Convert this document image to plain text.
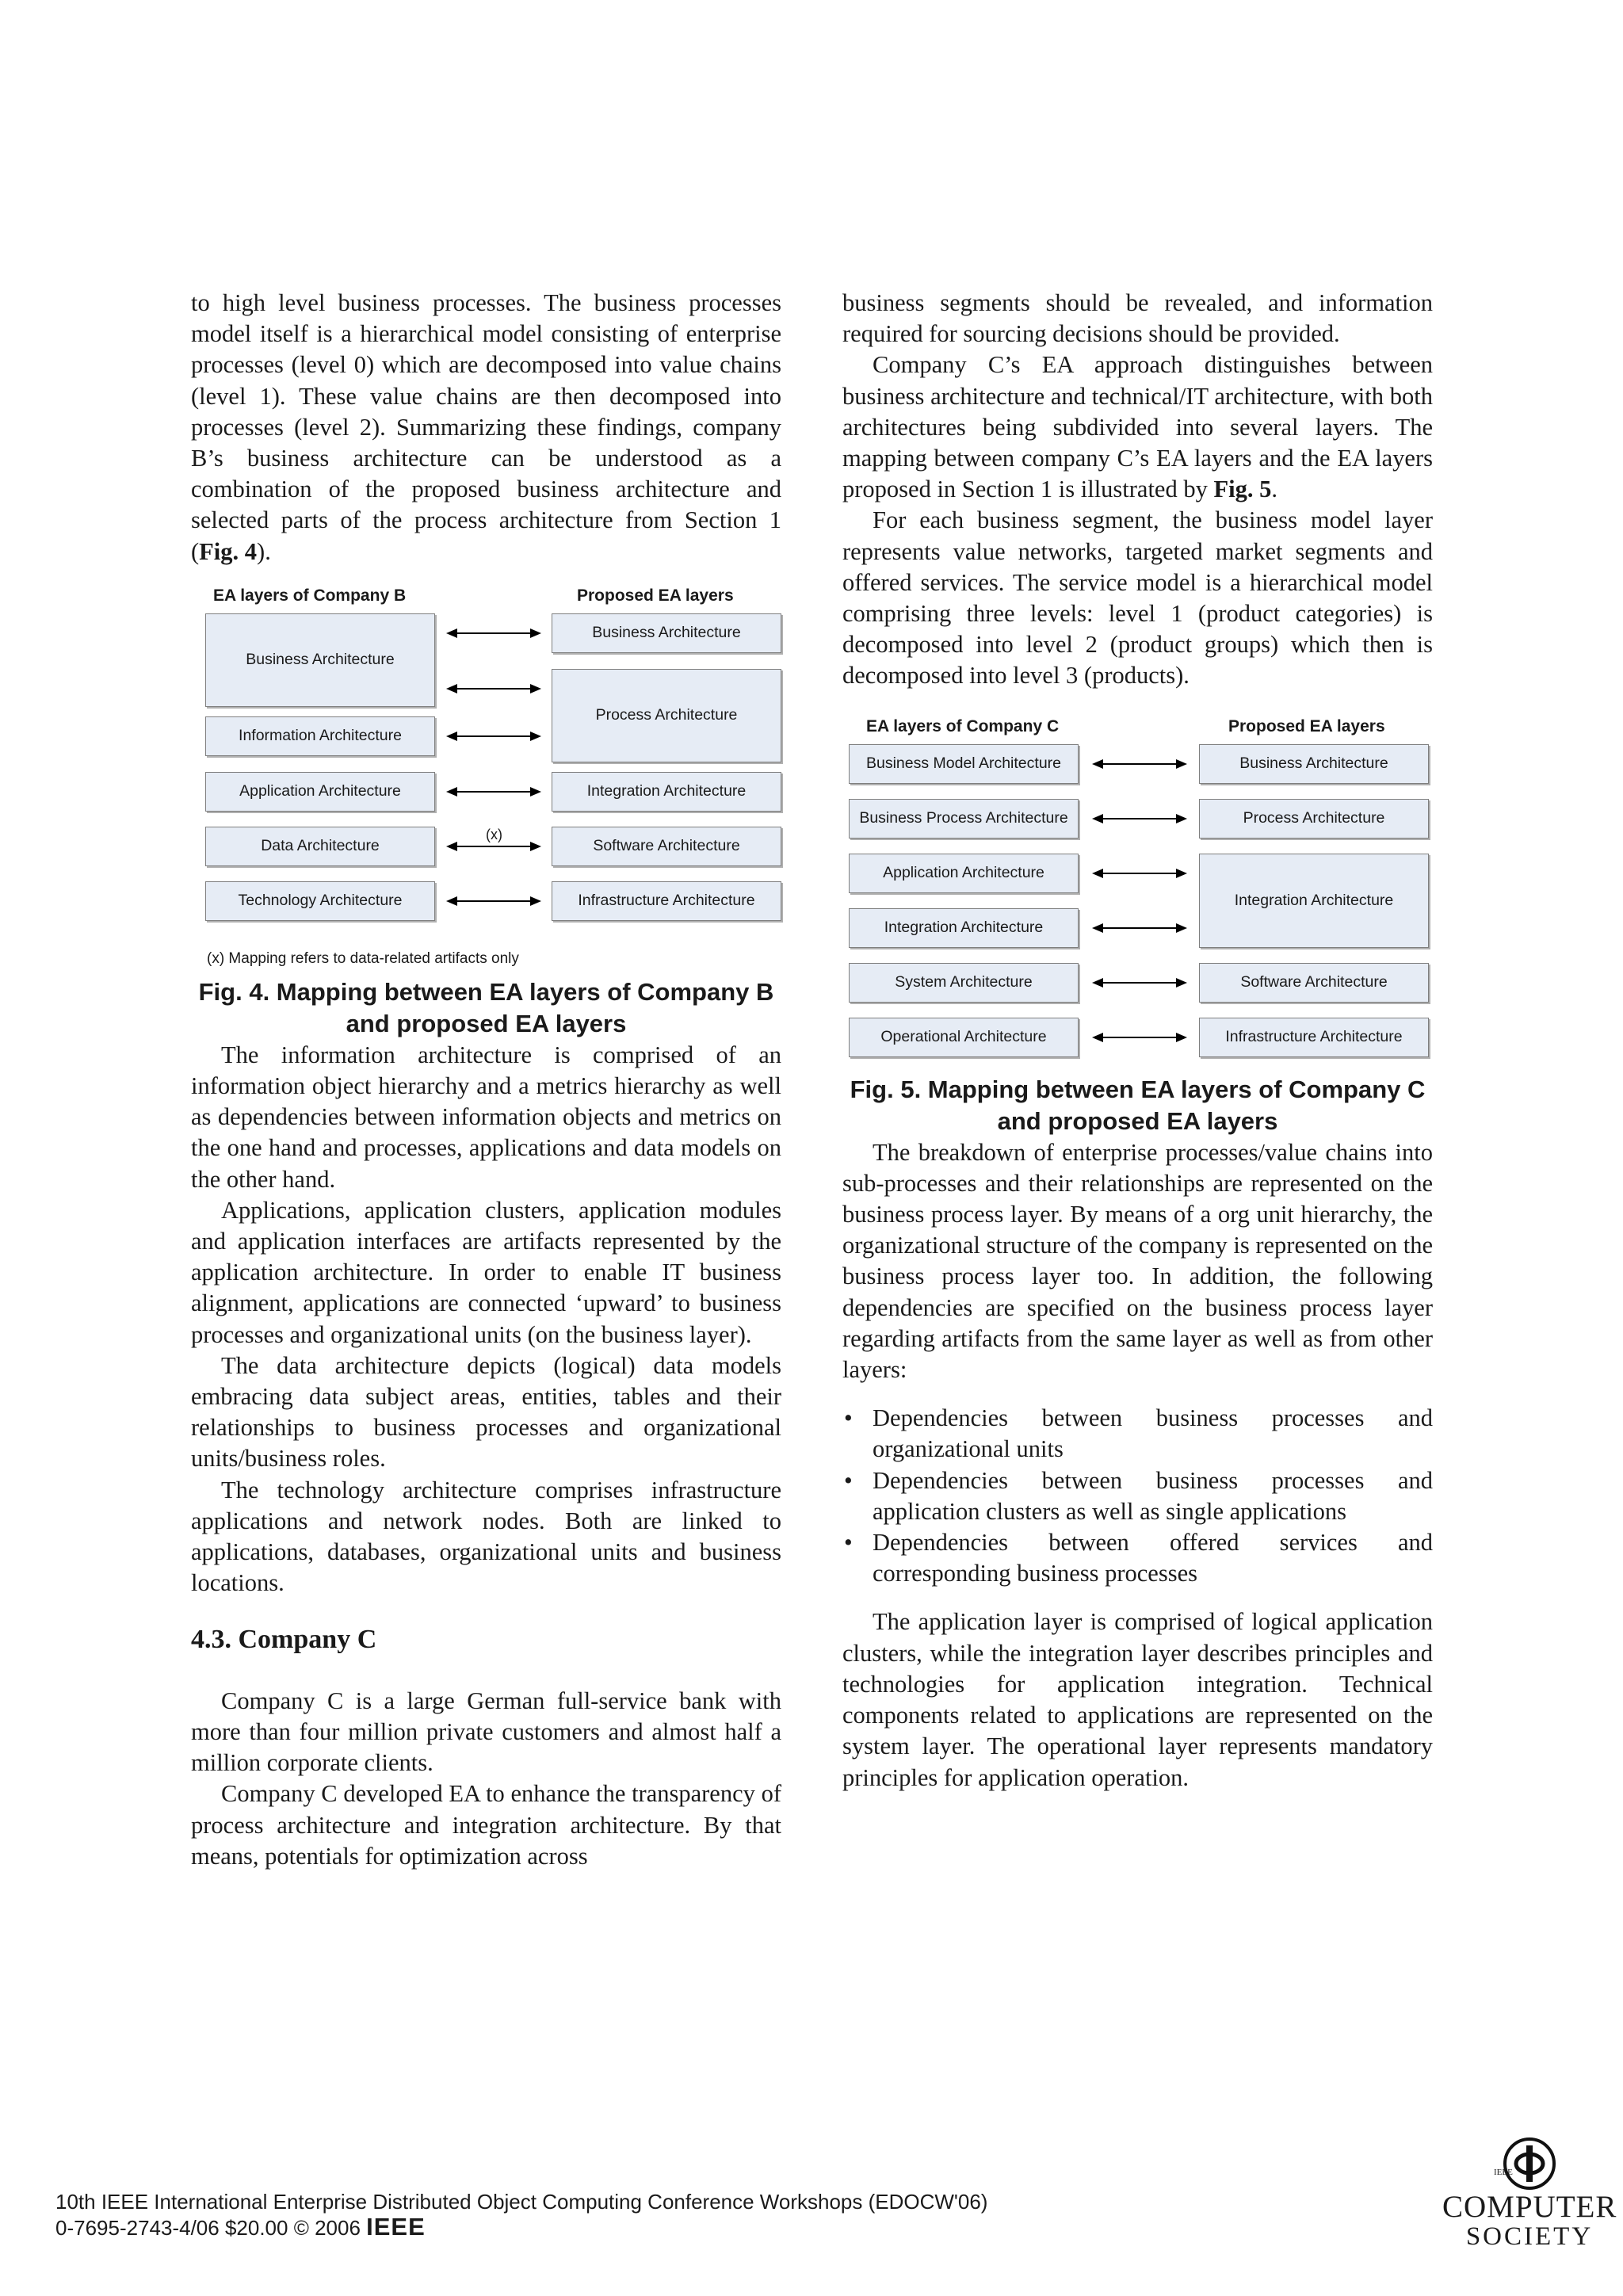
to high level business processes. The business processes model itself is a hierarchical model consisting of enterprise processes (level 0) which are decomposed into value chains (level 1). These value chains are then decomposed into processes (level 2). Summarizing these findings, company B’s business architecture can be understood as a combination of the proposed business architecture and selected parts of the process architecture from Section 1 (Fig. 4).

EA layers of Company B	Proposed EA layers
Business Architecture
Information Architecture
Application Architecture
Data Architecture
Technology Architecture
Business Architecture
Process Architecture
Integration Architecture
Software Architecture
Infrastructure Architecture
(x)
(x) Mapping refers to data-related artifacts only

Fig. 4. Mapping between EA layers of Company B and proposed EA layers

The information architecture is comprised of an information object hierarchy and a metrics hierarchy as well as dependencies between information objects and metrics on the one hand and processes, applications and data models on the other hand.

Applications, application clusters, application modules and application interfaces are artifacts represented by the application architecture. In order to enable IT business alignment, applications are connected ‘upward’ to business processes and organizational units (on the business layer).

The data architecture depicts (logical) data models embracing data subject areas, entities, tables and their relationships to business processes and organizational units/business roles.

The technology architecture comprises infrastructure applications and network nodes. Both are linked to applications, databases, organizational units and business locations.

4.3. Company C

Company C is a large German full-service bank with more than four million private customers and almost half a million corporate clients.

Company C developed EA to enhance the transparency of process architecture and integration architecture. By that means, potentials for optimization across

business segments should be revealed, and information required for sourcing decisions should be provided.

Company C’s EA approach distinguishes between business architecture and technical/IT architecture, with both architectures being subdivided into several layers. The mapping between company C’s EA layers and the EA layers proposed in Section 1 is illustrated by Fig. 5.

For each business segment, the business model layer represents value networks, targeted market segments and offered services. The service model is a hierarchical model comprising three levels: level 1 (product categories) is decomposed into level 2 (product groups) which then is decomposed into level 3 (products).

EA layers of Company C	Proposed EA layers
Business Model Architecture
Business Process Architecture
Application Architecture
Integration Architecture
System Architecture
Operational Architecture
Business Architecture
Process Architecture
Integration Architecture
Software Architecture
Infrastructure Architecture

Fig. 5. Mapping between EA layers of Company C and proposed EA layers

The breakdown of enterprise processes/value chains into sub-processes and their relationships are represented on the business process layer. By means of a org unit hierarchy, the organizational structure of the company is represented on the business process layer too. In addition, the following dependencies are specified on the business process layer regarding artifacts from the same layer as well as from other layers:

• Dependencies between business processes and organizational units
• Dependencies between business processes and application clusters as well as single applications
• Dependencies between offered services and corresponding business processes

The application layer is comprised of logical application clusters, while the integration layer describes principles and technologies for application integration. Technical components related to applications are represented on the system layer. The operational layer represents mandatory principles for application operation.

10th IEEE International Enterprise Distributed Object Computing Conference Workshops (EDOCW'06)
0-7695-2743-4/06 $20.00 © 2006 IEEE
IEEE
COMPUTER
SOCIETY
